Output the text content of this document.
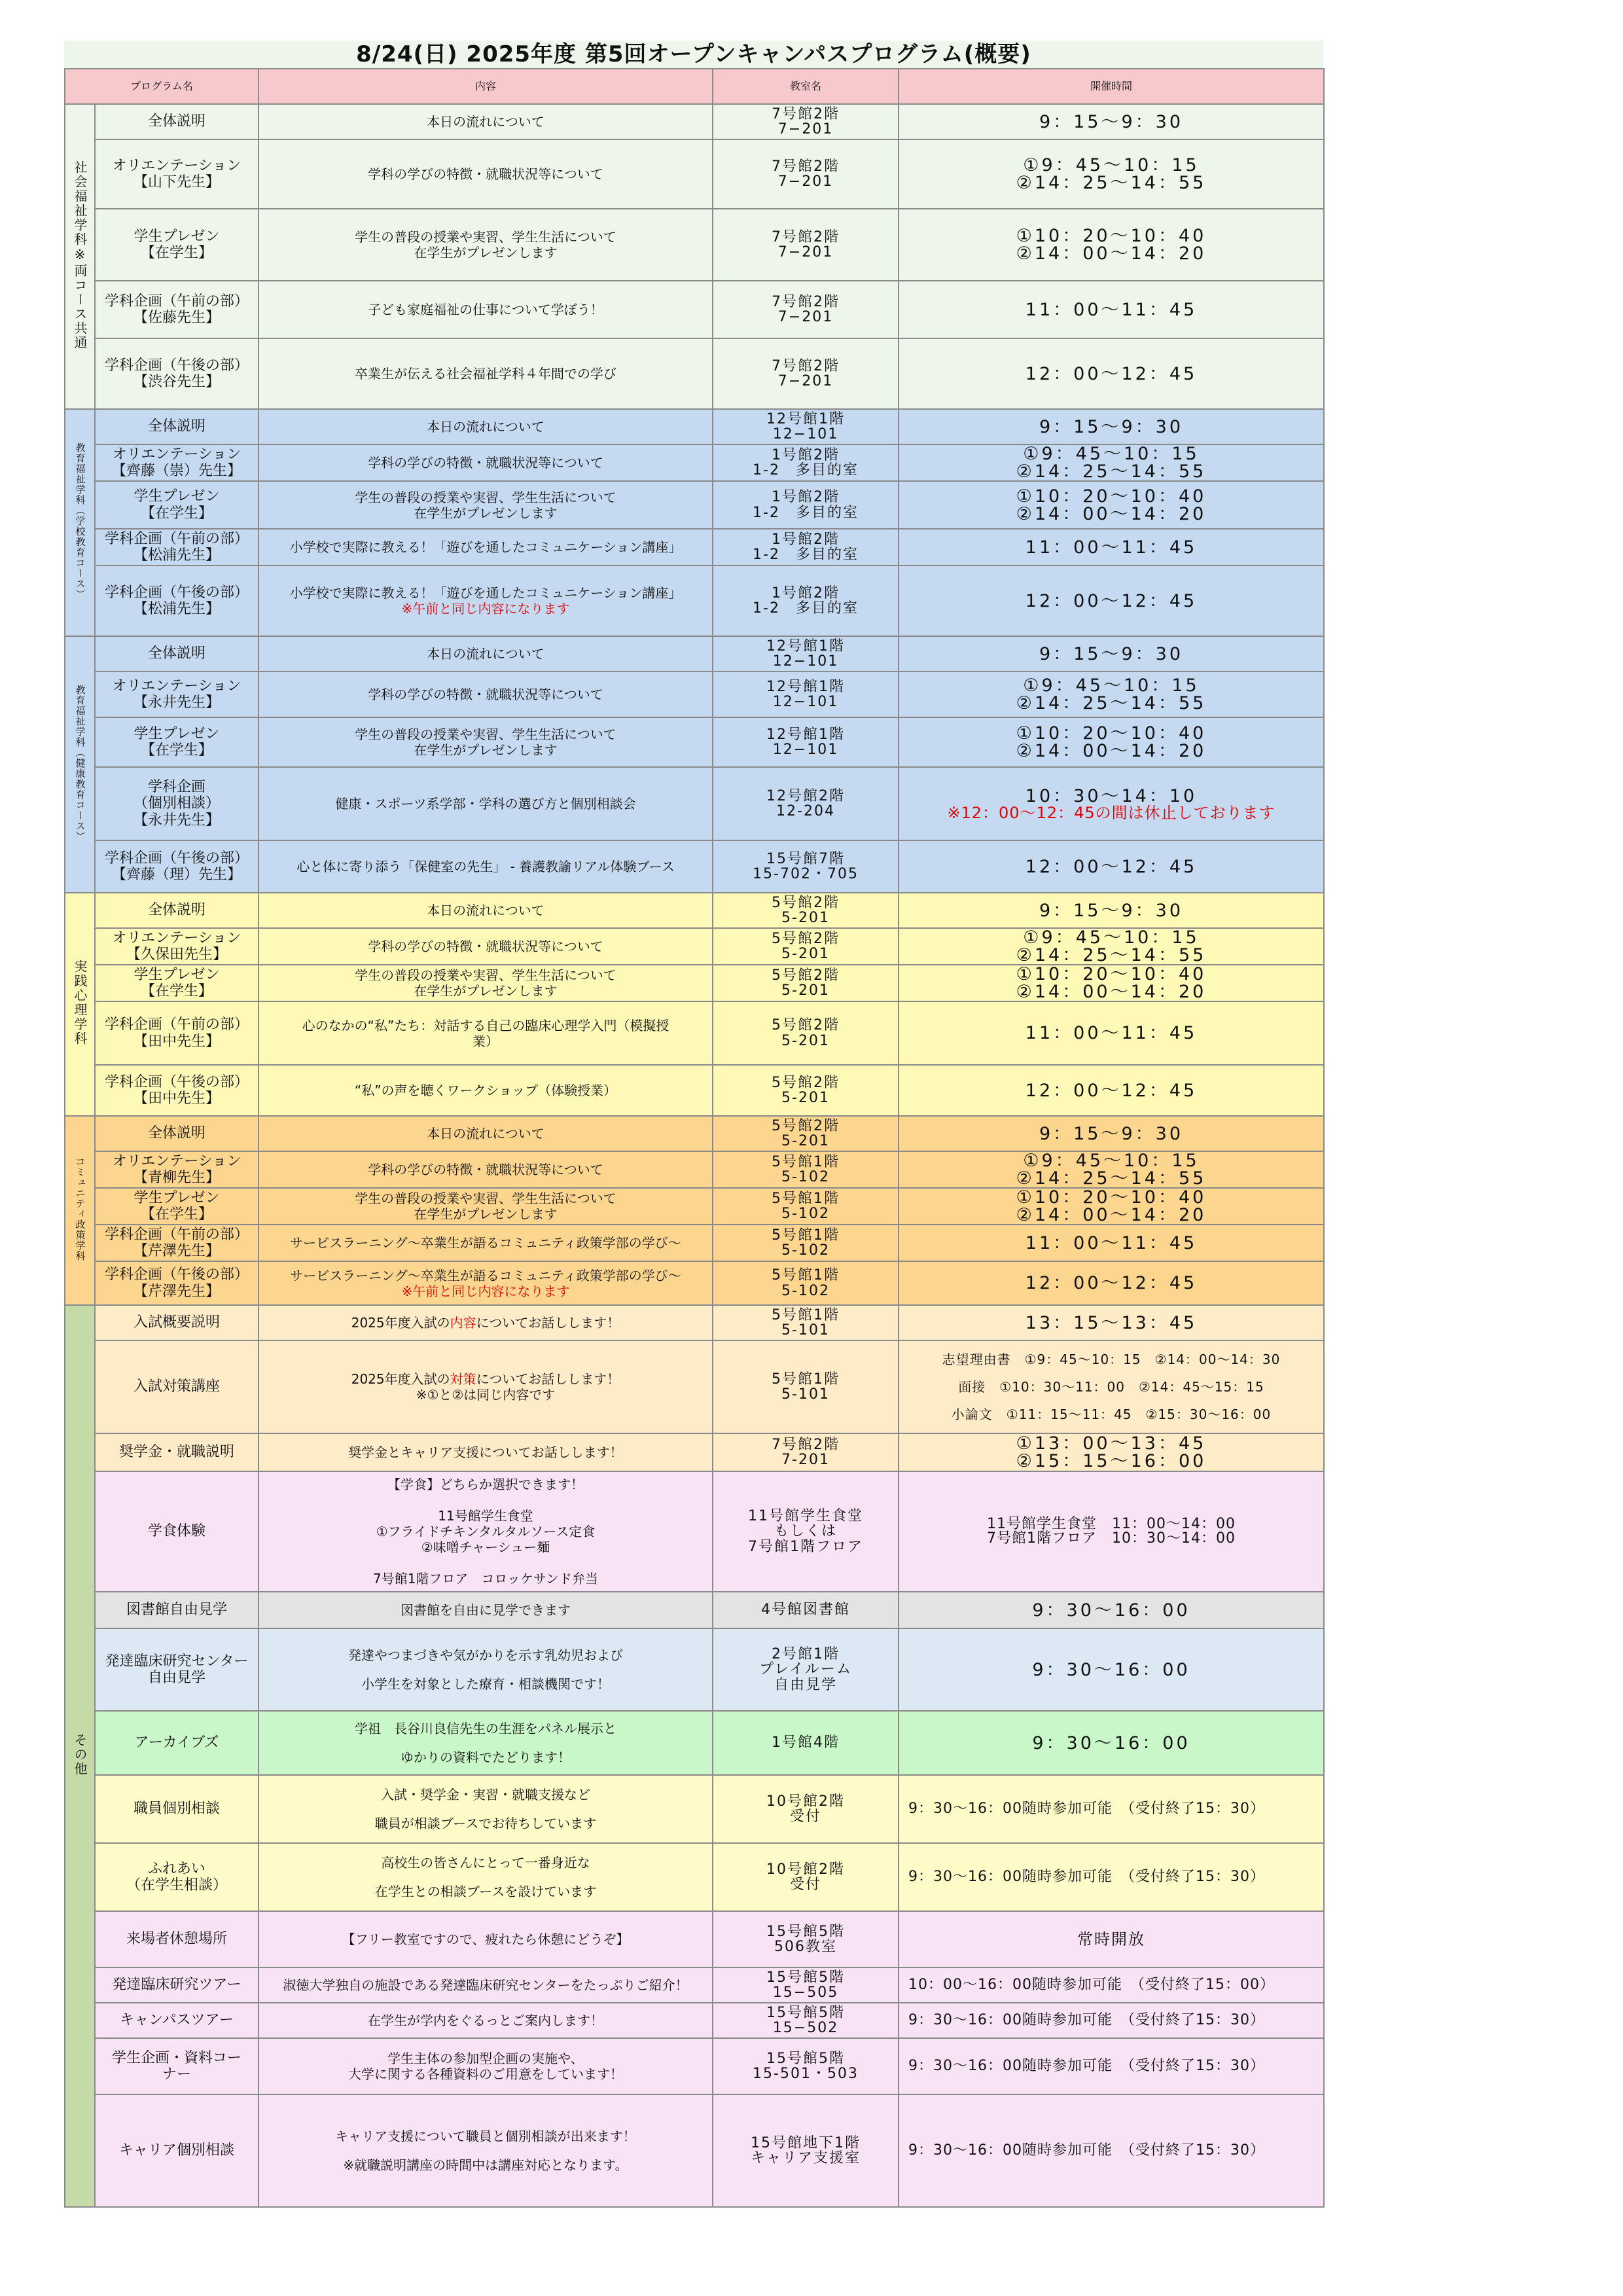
8/24(日) 2025年度 第5回オープンキャンパスプログラム(概要)
プログラム名		内容	教室名	開催時間
社会福祉学科※両コース共通	全体説明	本日の流れについて	7号館2階
7−201	9：15〜9：30

	オリエンテーション
【山下先生】	学科の学びの特徴・就職状況等について	7号館2階
7−201	①9：45〜10：15
②14：25〜14：55

	学生プレゼン
【在学生】	学生の普段の授業や実習、学生生活について
在学生がプレゼンします	7号館2階
7−201	①10：20〜10：40
②14：00〜14：20

	学科企画（午前の部）
【佐藤先生】	子ども家庭福祉の仕事について学ぼう！	7号館2階
7−201	11：00〜11：45

	学科企画（午後の部）
【渋谷先生】	卒業生が伝える社会福祉学科４年間での学び	7号館2階
7−201	12：00〜12：45

教育福祉学科（学校教育コース）	全体説明	本日の流れについて	12号館1階
12−101	9：15〜9：30

	オリエンテーション
【齊藤（崇）先生】	学科の学びの特徴・就職状況等について	1号館2階
1-2　多目的室	①9：45〜10：15
②14：25〜14：55

	学生プレゼン
【在学生】	学生の普段の授業や実習、学生生活について
在学生がプレゼンします	1号館2階
1-2　多目的室	①10：20〜10：40
②14：00〜14：20

	学科企画（午前の部）
【松浦先生】	小学校で実際に教える！「遊びを通したコミュニケーション講座」	1号館2階
1-2　多目的室	11：00〜11：45

	学科企画（午後の部）
【松浦先生】	小学校で実際に教える！「遊びを通したコミュニケーション講座」
※午前と同じ内容になります	1号館2階
1-2　多目的室	12：00〜12：45

教育福祉学科（健康教育コース）	全体説明	本日の流れについて	12号館1階
12−101	9：15〜9：30

	オリエンテーション
【永井先生】	学科の学びの特徴・就職状況等について	12号館1階
12−101	①9：45〜10：15
②14：25〜14：55

	学生プレゼン
【在学生】	学生の普段の授業や実習、学生生活について
在学生がプレゼンします	12号館1階
12−101	①10：20〜10：40
②14：00〜14：20

	学科企画
（個別相談）
【永井先生】	健康・スポーツ系学部・学科の選び方と個別相談会	12号館2階
12-204	10：30〜14：10
※12：00〜12：45の間は休止しております

	学科企画（午後の部）
【齊藤（理）先生】	心と体に寄り添う「保健室の先生」 - 養護教諭リアル体験ブース	15号館7階
15-702・705	12：00〜12：45

実践心理学科	全体説明	本日の流れについて	5号館2階
5-201	9：15〜9：30

	オリエンテーション
【久保田先生】	学科の学びの特徴・就職状況等について	5号館2階
5-201	①9：45〜10：15
②14：25〜14：55

	学生プレゼン
【在学生】	学生の普段の授業や実習、学生生活について
在学生がプレゼンします	5号館2階
5-201	①10：20〜10：40
②14：00〜14：20

	学科企画（午前の部）
【田中先生】	心のなかの“私”たち：対話する自己の臨床心理学入門（模擬授
業）	5号館2階
5-201	11：00〜11：45

	学科企画（午後の部）
【田中先生】	“私”の声を聴くワークショップ（体験授業）	5号館2階
5-201	12：00〜12：45

コミュニティ政策学科	全体説明	本日の流れについて	5号館2階
5-201	9：15〜9：30

	オリエンテーション
【青柳先生】	学科の学びの特徴・就職状況等について	5号館1階
5-102	①9：45〜10：15
②14：25〜14：55

	学生プレゼン
【在学生】	学生の普段の授業や実習、学生生活について
在学生がプレゼンします	5号館1階
5-102	①10：20〜10：40
②14：00〜14：20

	学科企画（午前の部）
【芹澤先生】	サービスラーニング〜卒業生が語るコミュニティ政策学部の学び〜	5号館1階
5-102	11：00〜11：45

	学科企画（午後の部）
【芹澤先生】	サービスラーニング〜卒業生が語るコミュニティ政策学部の学び〜
※午前と同じ内容になります	5号館1階
5-102	12：00〜12：45

その他	入試概要説明	2025年度入試の内容についてお話しします！	5号館1階
5-101	13：15〜13：45

	入試対策講座	2025年度入試の対策についてお話しします！
※①と②は同じ内容です	5号館1階
5-101	志望理由書　①9：45〜10：15　②14：00〜14：30
面接　①10：30〜11：00　②14：45〜15：15
小論文　①11：15〜11：45　②15：30〜16：00

	奨学金・就職説明	奨学金とキャリア支援についてお話しします！	7号館2階
7-201	①13：00〜13：45
②15：15〜16：00

	学食体験	【学食】どちらか選択できます！

11号館学生食堂
①フライドチキンタルタルソース定食
②味噌チャーシュー麺

7号館1階フロア　コロッケサンド弁当	11号館学生食堂
もしくは
7号館1階フロア	11号館学生食堂　11：00〜14：00
7号館1階フロア　10：30〜14：00

	図書館自由見学	図書館を自由に見学できます	4号館図書館	9：30〜16：00

	発達臨床研究センター
自由見学	発達やつまづきや気がかりを示す乳幼児および
小学生を対象とした療育・相談機関です！	2号館1階
プレイルーム
自由見学	9：30〜16：00

	アーカイブズ	学祖　長谷川良信先生の生涯をパネル展示と
ゆかりの資料でたどります！	1号館4階	9：30〜16：00

	職員個別相談	入試・奨学金・実習・就職支援など
職員が相談ブースでお待ちしています	10号館2階
受付	9：30〜16：00随時参加可能　（受付終了15：30）

	ふれあい
（在学生相談）	高校生の皆さんにとって一番身近な
在学生との相談ブースを設けています	10号館2階
受付	9：30〜16：00随時参加可能　（受付終了15：30）

	来場者休憩場所	【フリー教室ですので、疲れたら休憩にどうぞ】	15号館5階
506教室	常時開放

	発達臨床研究ツアー	淑徳大学独自の施設である発達臨床研究センターをたっぷりご紹介！	15号館5階
15−505	10：00〜16：00随時参加可能　（受付終了15：00）

	キャンパスツアー	在学生が学内をぐるっとご案内します！	15号館5階
15−502	9：30〜16：00随時参加可能　（受付終了15：30）

	学生企画・資料コー
ナー	学生主体の参加型企画の実施や、
大学に関する各種資料のご用意をしています！	15号館5階
15-501・503	9：30〜16：00随時参加可能　（受付終了15：30）

	キャリア個別相談	キャリア支援について職員と個別相談が出来ます！
※就職説明講座の時間中は講座対応となります。	15号館地下1階
キャリア支援室	9：30〜16：00随時参加可能　（受付終了15：30）
